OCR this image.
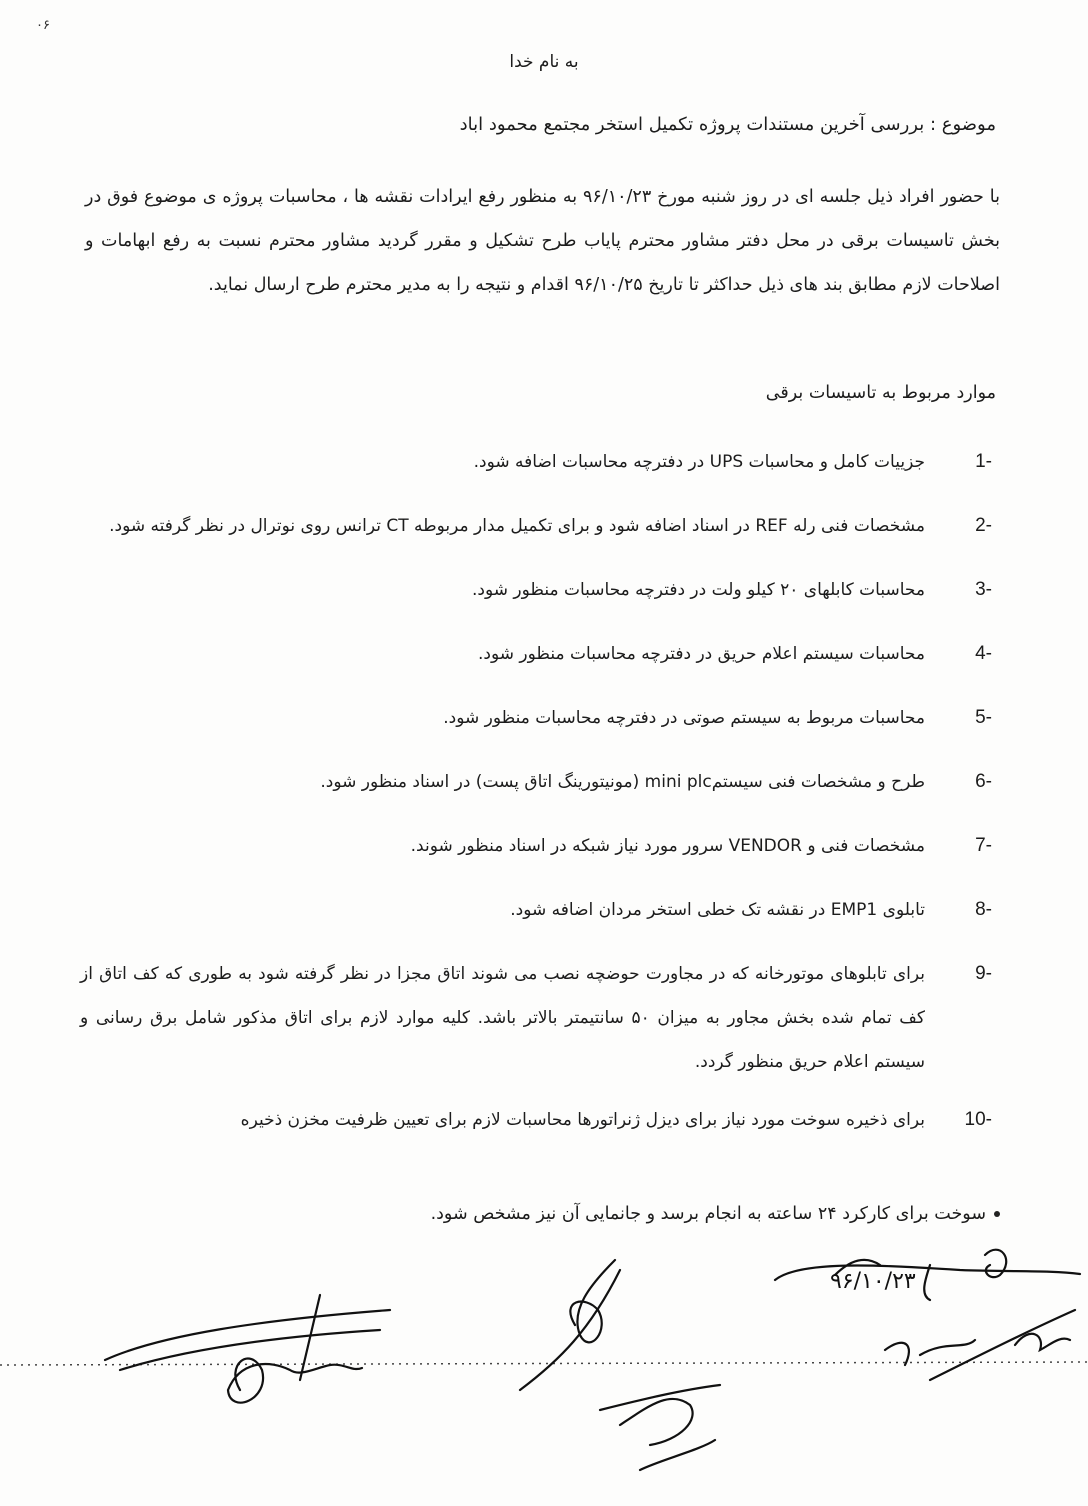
۰۶
به نام خدا
موضوع : بررسی آخرین مستندات پروژه تکمیل استخر مجتمع محمود اباد
با حضور افراد ذیل جلسه ای در روز شنبه مورخ ۹۶/۱۰/۲۳ به منظور رفع ایرادات نقشه ها ، محاسبات پروژه ی موضوع فوق در بخش تاسیسات برقی در محل دفتر مشاور محترم پایاب طرح تشکیل و مقرر گردید مشاور محترم نسبت به رفع ابهامات و اصلاحات لازم مطابق بند های ذیل حداکثر تا تاریخ ۹۶/۱۰/۲۵ اقدام و نتیجه را به مدیر محترم طرح ارسال نماید.
موارد مربوط به تاسیسات برقی
1-
جزییات کامل و محاسبات UPS در دفترچه محاسبات اضافه شود.
2-
مشخصات فنی رله REF در اسناد اضافه شود و برای تکمیل مدار مربوطه CT ترانس روی نوترال در نظر گرفته شود.
3-
محاسبات کابلهای ۲۰ کیلو ولت در دفترچه محاسبات منظور شود.
4-
محاسبات سیستم اعلام حریق در دفترچه محاسبات منظور شود.
5-
محاسبات مربوط به سیستم صوتی در دفترچه محاسبات منظور شود.
6-
طرح و مشخصات فنی سیستمmini plc (مونیتورینگ اتاق پست) در اسناد منظور شود.
7-
مشخصات فنی و VENDOR سرور مورد نیاز شبکه در اسناد منظور شوند.
8-
تابلوی EMP1 در نقشه تک خطی استخر مردان اضافه شود.
9-
برای تابلوهای موتورخانه که در مجاورت حوضچه نصب می شوند اتاق مجزا در نظر گرفته شود به طوری که کف اتاق از کف تمام شده بخش مجاور به میزان ۵۰ سانتیمتر بالاتر باشد. کلیه موارد لازم برای اتاق مذکور شامل برق رسانی و سیستم اعلام حریق منظور گردد.
10-
برای ذخیره سوخت مورد نیاز برای دیزل ژنراتورها محاسبات لازم برای تعیین ظرفیت مخزن ذخیره
سوخت برای کارکرد ۲۴ ساعته به انجام برسد و جانمایی آن نیز مشخص شود.
۹۶/۱۰/۲۳
